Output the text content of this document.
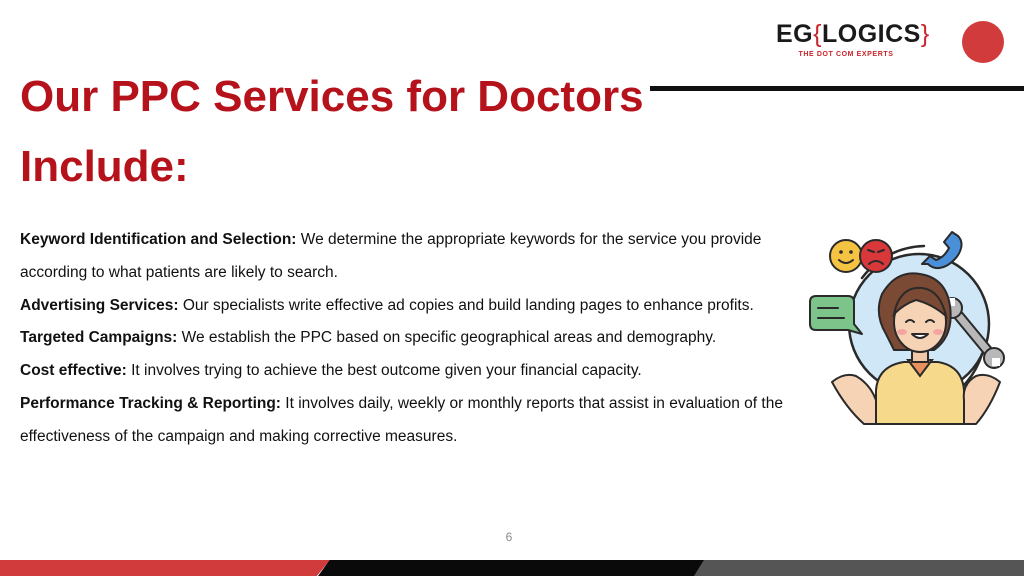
Our PPC Services for Doctors Include:
EG{LOGICS}
THE DOT COM EXPERTS

Keyword Identification and Selection: We determine the appropriate keywords for the service you provide according to what patients are likely to search.

Advertising Services: Our specialists write effective ad copies and build landing pages to enhance profits.

Targeted Campaigns: We establish the PPC based on specific geographical areas and demography.

Cost effective: It involves trying to achieve the best outcome given your financial capacity.

Performance Tracking & Reporting: It involves daily, weekly or monthly reports that assist in evaluation of the effectiveness of the campaign and making corrective measures.

6
